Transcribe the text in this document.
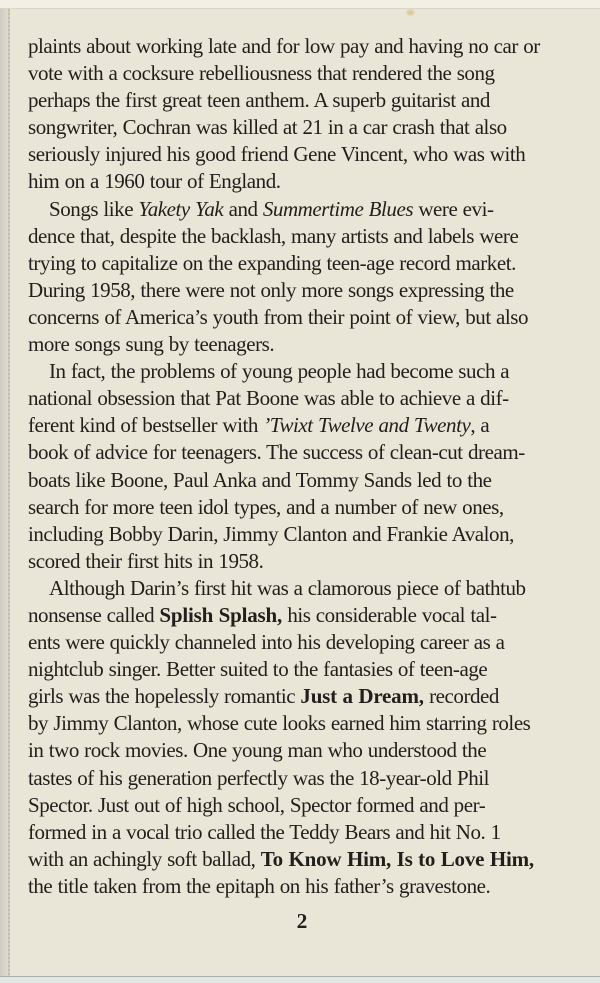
plaints about working late and for low pay and having no car or
vote with a cocksure rebelliousness that rendered the song
perhaps the first great teen anthem. A superb guitarist and
songwriter, Cochran was killed at 21 in a car crash that also
seriously injured his good friend Gene Vincent, who was with
him on a 1960 tour of England.

Songs like Yakety Yak and Summertime Blues were evi-
dence that, despite the backlash, many artists and labels were
trying to capitalize on the expanding teen-age record market.
During 1958, there were not only more songs expressing the
concerns of America’s youth from their point of view, but also
more songs sung by teenagers.

In fact, the problems of young people had become such a
national obsession that Pat Boone was able to achieve a dif-
ferent kind of bestseller with ’Twixt Twelve and Twenty, a
book of advice for teenagers. The success of clean-cut dream-
boats like Boone, Paul Anka and Tommy Sands led to the
search for more teen idol types, and a number of new ones,
including Bobby Darin, Jimmy Clanton and Frankie Avalon,
scored their first hits in 1958.

Although Darin’s first hit was a clamorous piece of bathtub
nonsense called Splish Splash, his considerable vocal tal-
ents were quickly channeled into his developing career as a
nightclub singer. Better suited to the fantasies of teen-age
girls was the hopelessly romantic Just a Dream, recorded
by Jimmy Clanton, whose cute looks earned him starring roles
in two rock movies. One young man who understood the
tastes of his generation perfectly was the 18-year-old Phil
Spector. Just out of high school, Spector formed and per-
formed in a vocal trio called the Teddy Bears and hit No. 1
with an achingly soft ballad, To Know Him, Is to Love Him,
the title taken from the epitaph on his father’s gravestone.

2
